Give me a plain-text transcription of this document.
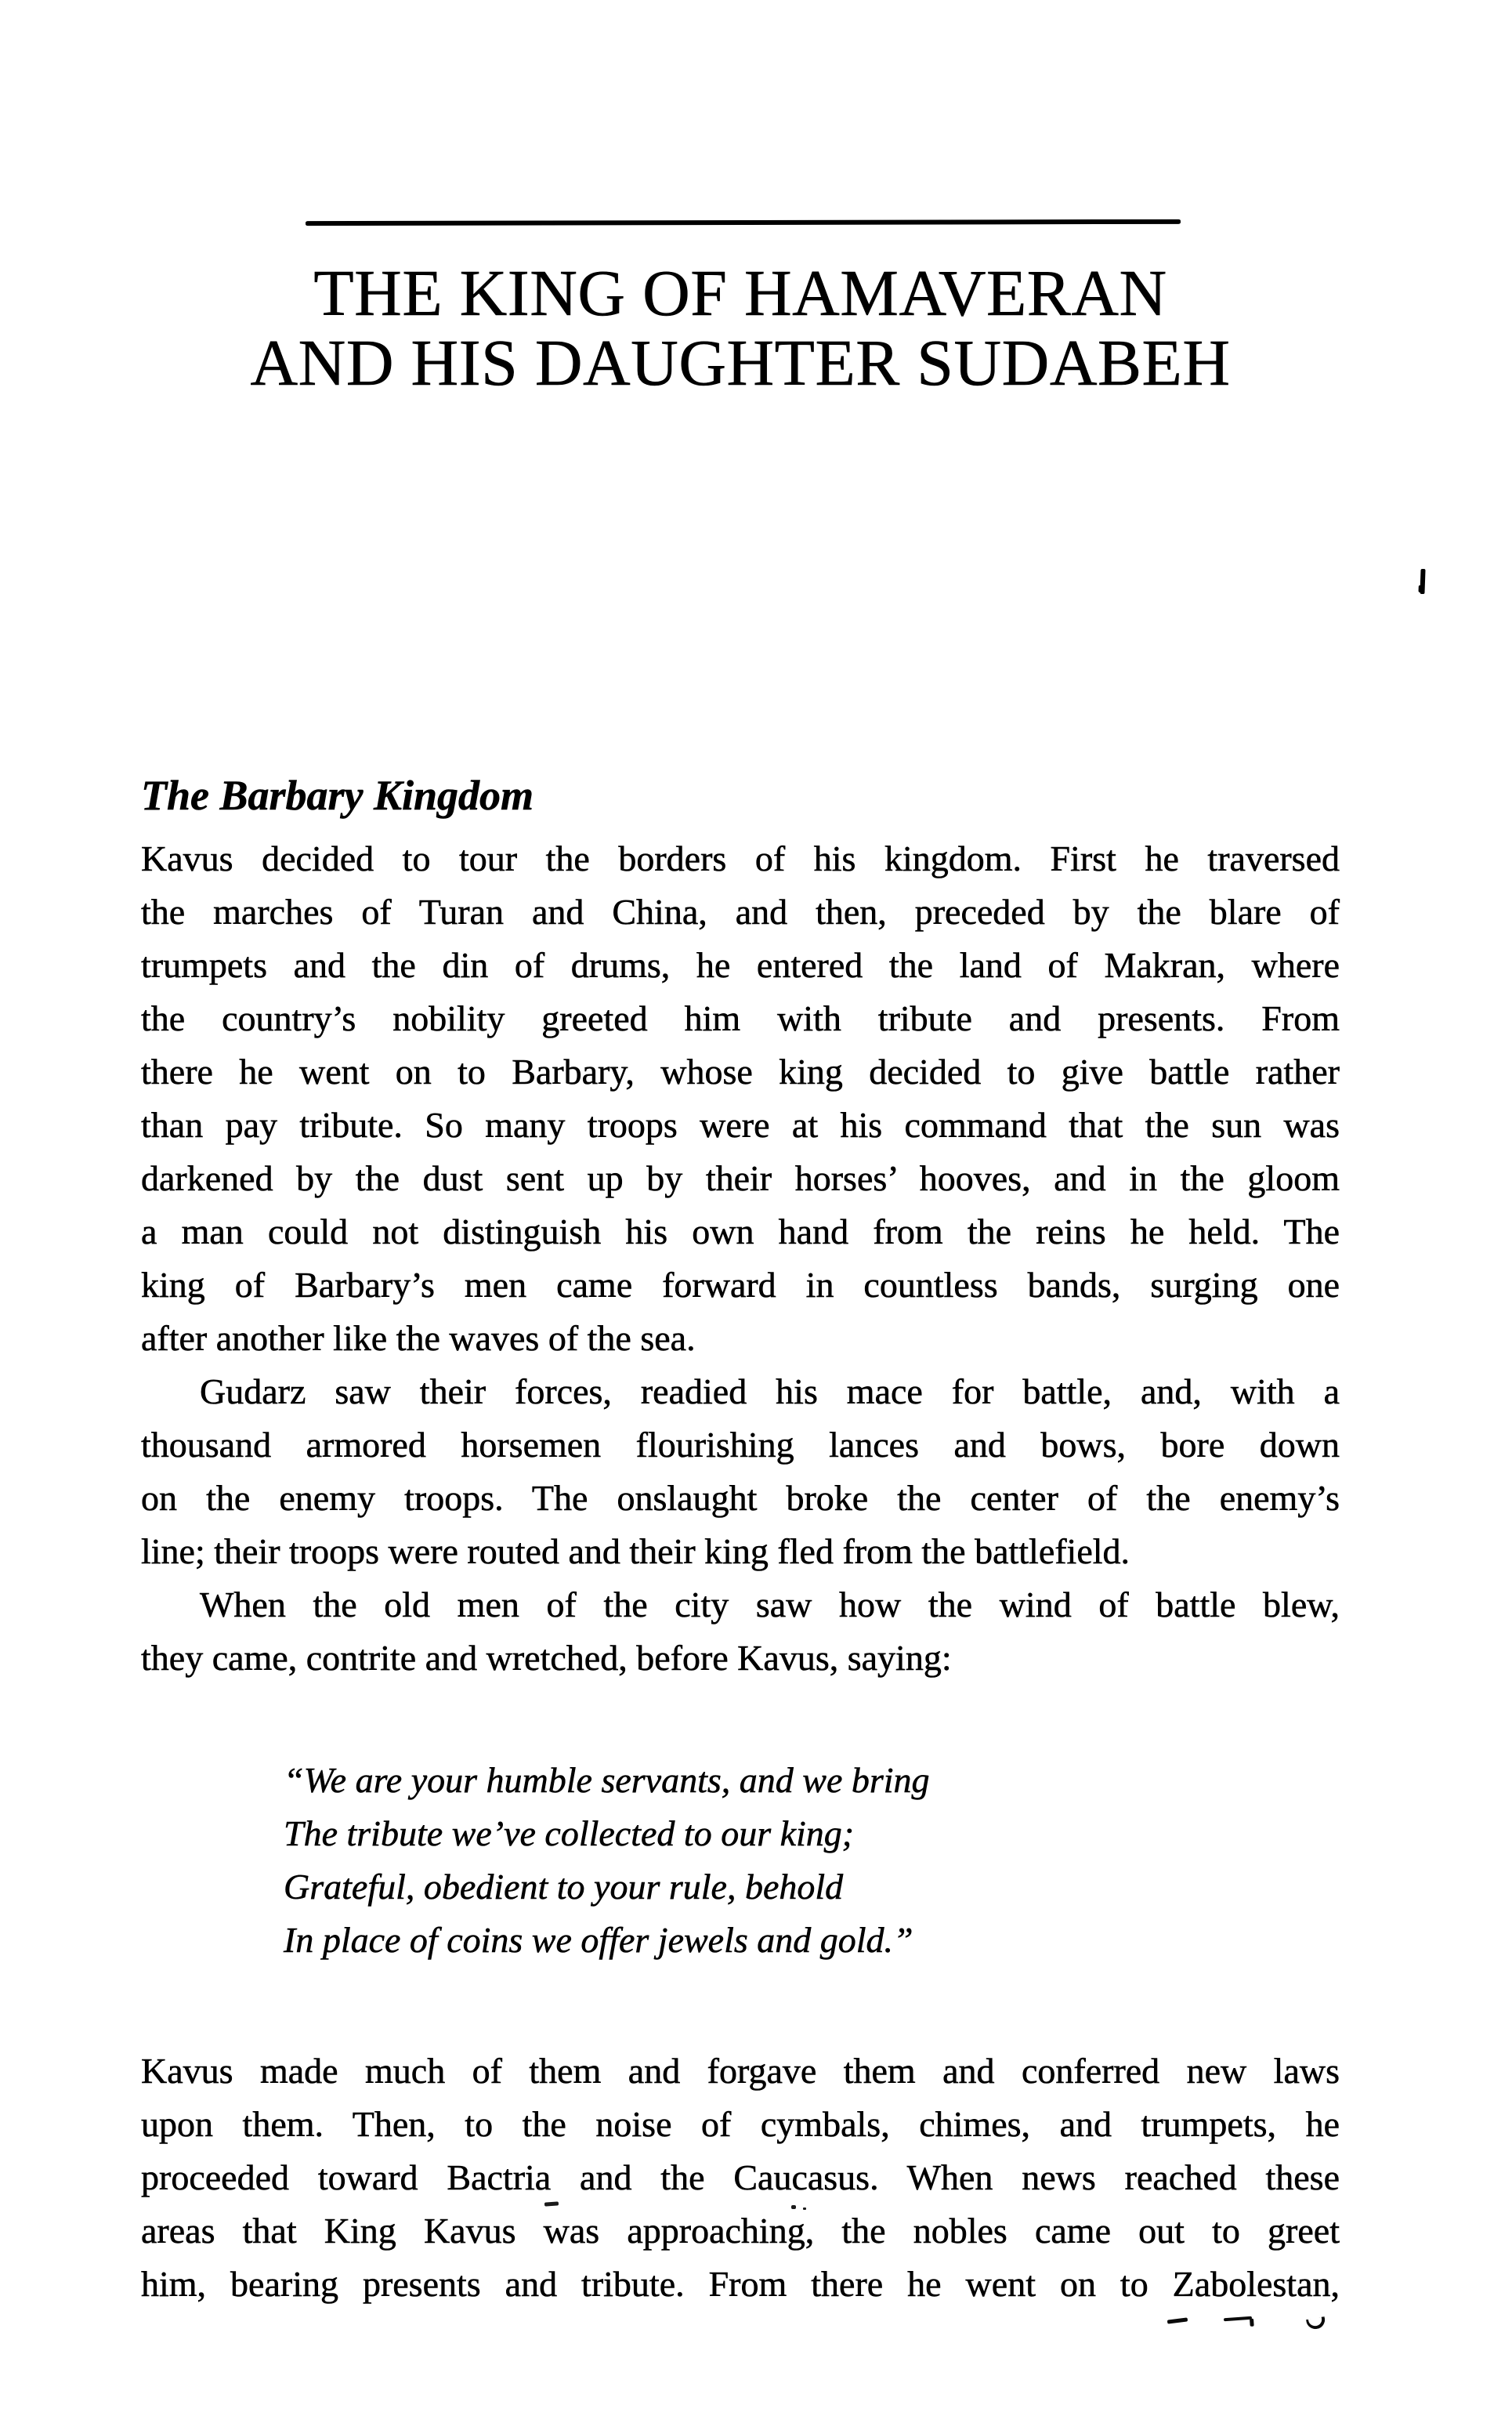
THE KING OF HAMAVERAN
AND HIS DAUGHTER SUDABEH
The Barbary Kingdom
Kavus decided to tour the borders of his kingdom. First he traversed
the marches of Turan and China, and then, preceded by the blare of
trumpets and the din of drums, he entered the land of Makran, where
the country’s nobility greeted him with tribute and presents. From
there he went on to Barbary, whose king decided to give battle rather
than pay tribute. So many troops were at his command that the sun was
darkened by the dust sent up by their horses’ hooves, and in the gloom
a man could not distinguish his own hand from the reins he held. The
king of Barbary’s men came forward in countless bands, surging one
after another like the waves of the sea.
Gudarz saw their forces, readied his mace for battle, and, with a
thousand armored horsemen flourishing lances and bows, bore down
on the enemy troops. The onslaught broke the center of the enemy’s
line; their troops were routed and their king fled from the battlefield.
When the old men of the city saw how the wind of battle blew,
they came, contrite and wretched, before Kavus, saying:
“We are your humble servants, and we bring
The tribute we’ve collected to our king;
Grateful, obedient to your rule, behold
In place of coins we offer jewels and gold.”
Kavus made much of them and forgave them and conferred new laws
upon them. Then, to the noise of cymbals, chimes, and trumpets, he
proceeded toward Bactria and the Caucasus. When news reached these
areas that King Kavus was approaching, the nobles came out to greet
him, bearing presents and tribute. From there he went on to Zabolestan,
